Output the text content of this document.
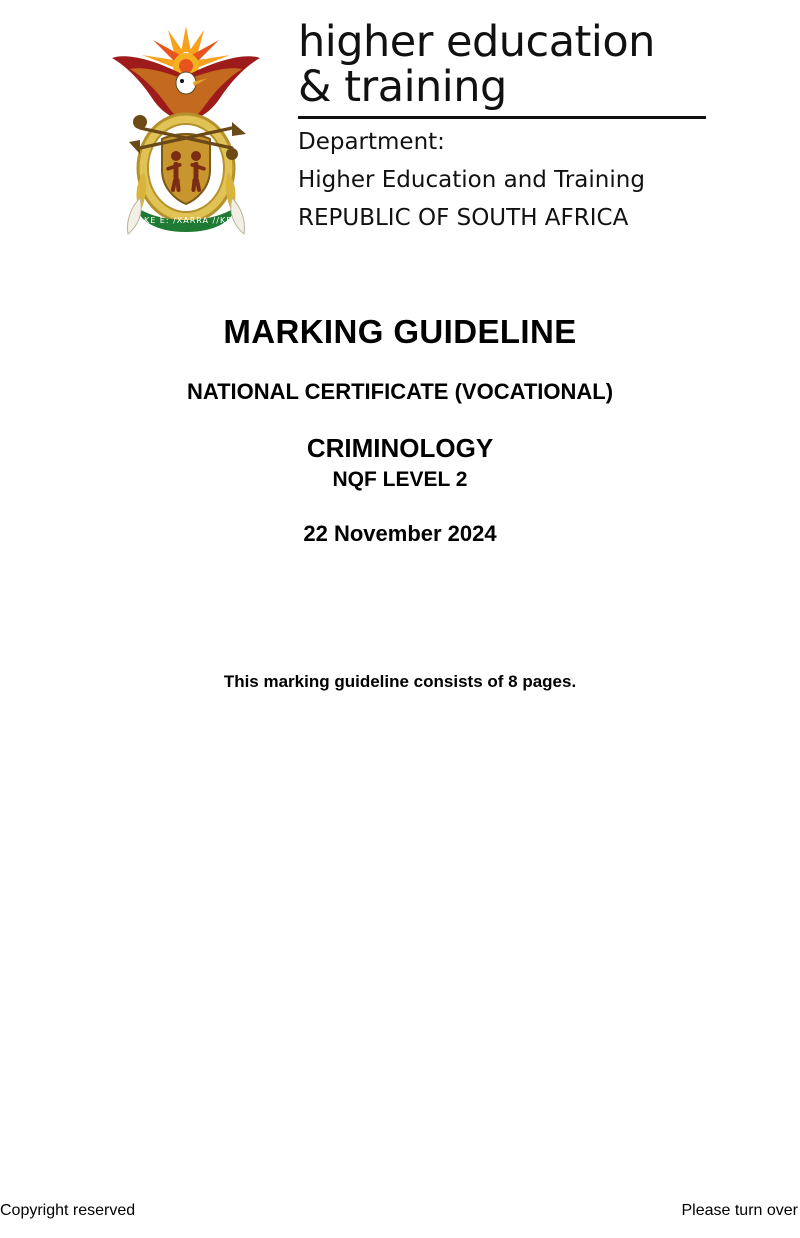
!KE E: /XARRA //KE
higher education
& training
Department:
Higher Education and Training
REPUBLIC OF SOUTH AFRICA
MARKING GUIDELINE
NATIONAL CERTIFICATE (VOCATIONAL)
CRIMINOLOGY
NQF LEVEL 2
22 November 2024
This marking guideline consists of 8 pages.
Copyright reserved	Please turn over
